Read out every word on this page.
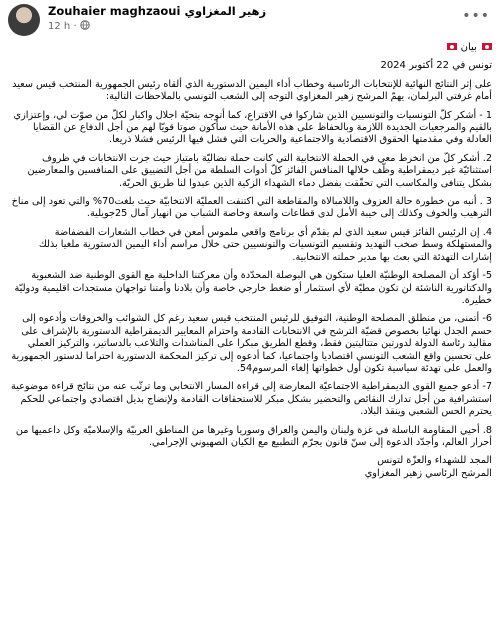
Zouhaier maghzaoui زهير المغزاوي
12 h ·
•••

بيان

تونس في 22 أكتوبر 2024

على إثر النتائج النهائية للإنتخابات الرئاسية وخطاب أداء اليمين الدستورية الذي ألقاه رئيس الجمهورية المنتخب قيس سعيد أمام غرفتي البرلمان، يهمّ المرشح زهير المغزاوي التوجه إلى الشعب التونسي بالملاحظات التالية:

1 - أشكر كلّ التونسيات والتونسيين الذين شاركوا في الاقتراع، كما أتوجه بتحيّة اجلال واكبار لكلّ من صوّت لي، وإعتزازي بالقيم والمرجعيات الجديدة اللازمة وبالحفاظ على هذه الأمانة حيث سأكون صوتا قويّا لهم من أجل الدفاع عن القضايا العادلة وفي مقدمتها الحقوق الاقتصادية والاجتماعية والحريات التي فشل فيها الرئيس فشلا ذريعا.

2. أشكر كلّ من انخرط معي في الحملة الانتخابية التي كانت حملة نضاليّة بامتياز حيث جرت الانتخابات في ظروف استثنائيّة غير ديمقراطية وظّف خلالها المنافس الفائز كلّ أدوات السلطة من أجل التضييق على المنافسين والمعارضين بشكل يتنافى والمكاسب التي تحقّقت بفضل دماء الشهداء الزكية الذين عبدوا لنا طريق الحريّة.

3 . أنبه من خطورة حالة العزوف واللامبالاة والمقاطعة التي اكتنفت العمليّة الانتخابيّة حيث بلغت70% والتي تعود إلى مناخ الترهيب والخوف وكذلك إلى خيبة الأمل لدى قطاعات واسعة وخاصة الشباب من انهيار آمال 25جويلية.

4. إن الرئيس الفائز قيس سعيد الذي لم يقدّم أي برنامج واقعي ملموس أمعن في خطاب الشعارات الفضفاضة والمستهلكة وسط صخب التهديد وتقسيم التونسيات والتونسيين حتى خلال مراسم أداء اليمين الدستورية ملغيا بذلك إشارات التهدئة التي بعث بها مدير حملته الانتخابية.

5- أؤكد أن المصلحة الوطنيّة العليا ستكون هي البوصلة المحدّدة وأن معركتنا الداخلية مع القوى الوطنية ضد الشعبوية والدكتاتورية الناشئة لن تكون مطيّة لأي استثمار أو ضغط خارجي خاصة وأن بلادنا وأمتنا تواجهان مستجدات اقليمية ودوليّة خطيرة.

6- أتمنى، من منطلق المصلحة الوطنية، التوفيق للرئيس المنتخب قيس سعيد رغم كل الشوائب والخروقات وأدعوه إلى حسم الجدل نهائيا بخصوص قضيّة الترشح في الانتخابات القادمة واحترام المعايير الديمقراطية الدستورية بالإشراف على مقاليد رئاسة الدولة لدورتين متتاليتين فقط، وقطع الطريق مبكرا على المناشدات والتلاعب بالدساتير، والتركيز العملي على تحسين واقع الشعب التونسي اقتصاديا واجتماعيا، كما أدعوه إلى تركيز المحكمة الدستورية احتراما لدستور الجمهورية والعمل على تهدئة سياسية تكون أول خطواتها إلغاء المرسوم54.

7- أدعو جميع القوى الديمقراطية الاجتماعيّة المعارضة إلى قراءة المسار الانتخابي وما ترتّب عنه من نتائج قراءة موضوعية استشرافية من أجل تدارك النقائص والتحضير بشكل مبكر للاستحقاقات القادمة ولإنضاج بديل اقتصادي واجتماعي للحكم يحترم الحس الشعبي وينقذ البلاد.

8. أحيي المقاومة الباسلة في غزة ولبنان واليمن والعراق وسوريا وغيرها من المناطق العربيّة والإسلاميّة وكل داعميها من أحرار العالم، وأجدّد الدعوة إلى سنّ قانون يجرّم التطبيع مع الكيان الصهيوني الإجرامي.

المجد للشهداء والعزّة لتونس

المرشح الرئاسي زهير المغزاوي
